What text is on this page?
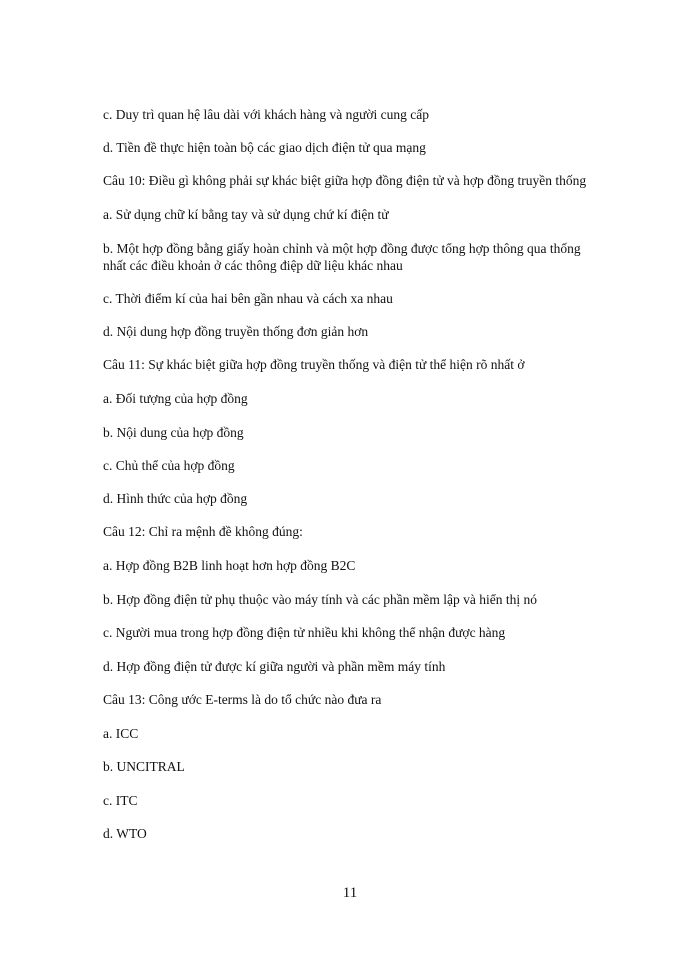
c. Duy trì quan hệ lâu dài với khách hàng và người cung cấp
d. Tiền đề thực hiện toàn bộ các giao dịch điện tử qua mạng
Câu 10: Điều gì không phải sự khác biệt giữa hợp đồng điện tử và hợp đồng truyền thống
a. Sử dụng chữ kí bằng tay và sử dụng chứ kí điện tử
b. Một hợp đồng bằng giấy hoàn chỉnh và một hợp đồng được tổng hợp thông qua thống nhất các điều khoản ở các thông điệp dữ liệu khác nhau
c. Thời điểm kí của hai bên gần nhau và cách xa nhau
d. Nội dung hợp đồng truyền thống đơn giản hơn
Câu 11: Sự khác biệt giữa hợp đồng truyền thống và điện tử thể hiện rõ nhất ở
a. Đối tượng của hợp đồng
b. Nội dung của hợp đồng
c. Chủ thể của hợp đồng
d. Hình thức của hợp đồng
Câu 12: Chỉ ra mệnh đề không đúng:
a. Hợp đồng B2B linh hoạt hơn hợp đồng B2C
b. Hợp đồng điện tử phụ thuộc vào máy tính và các phần mềm lập và hiển thị nó
c. Người mua trong hợp đồng điện tử nhiều khi không thể nhận được hàng
d. Hợp đồng điện tử được kí giữa người và phần mềm máy tính
Câu 13: Công ước E-terms là do tổ chức nào đưa ra
a. ICC
b. UNCITRAL
c. ITC
d. WTO
11
